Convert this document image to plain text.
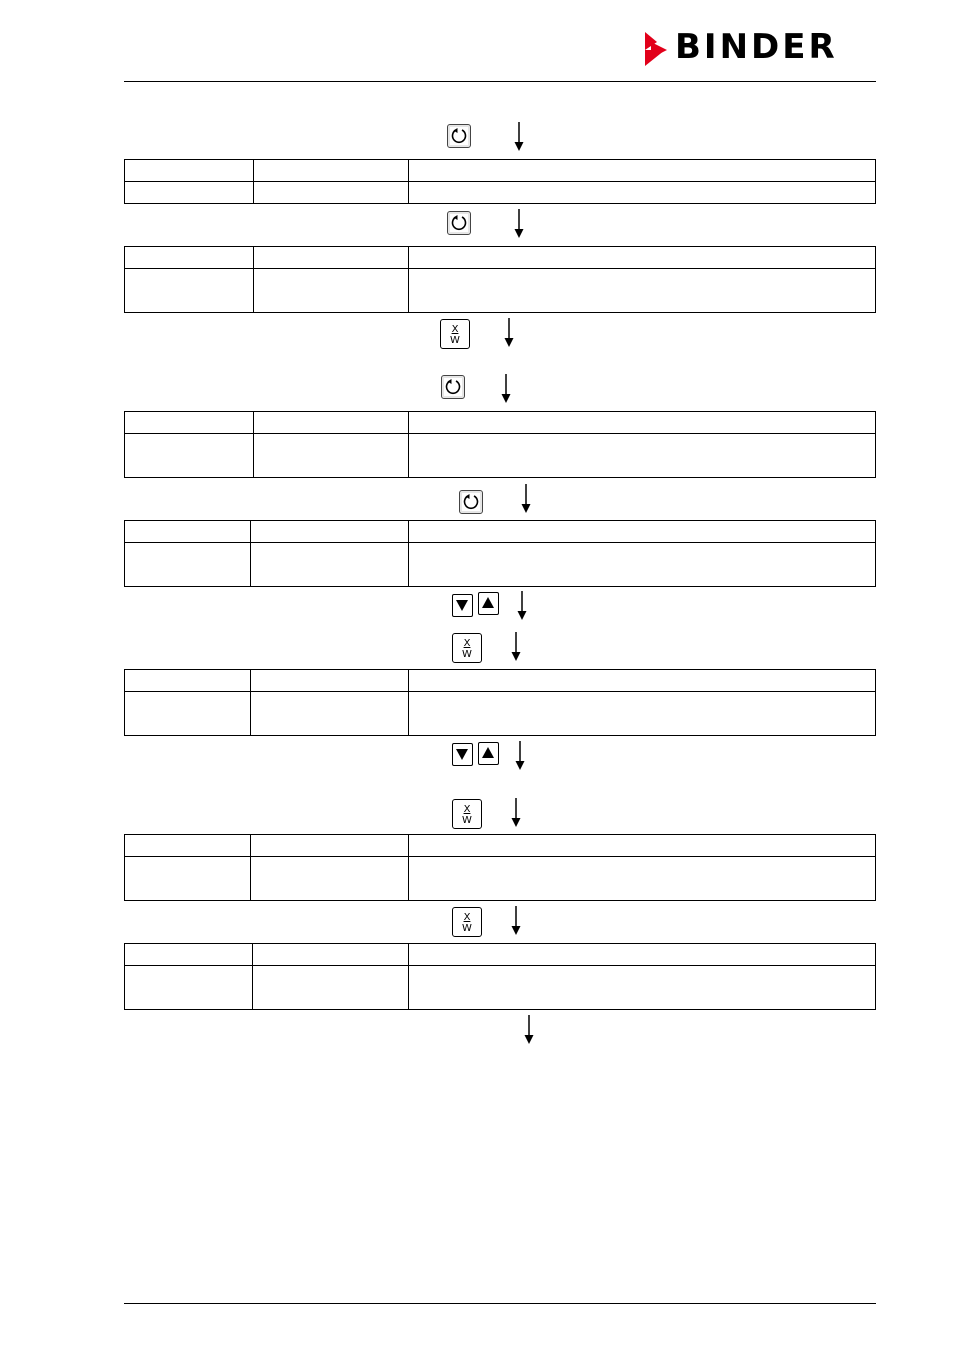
BINDER

X
W

X
W

X
W

X
W
